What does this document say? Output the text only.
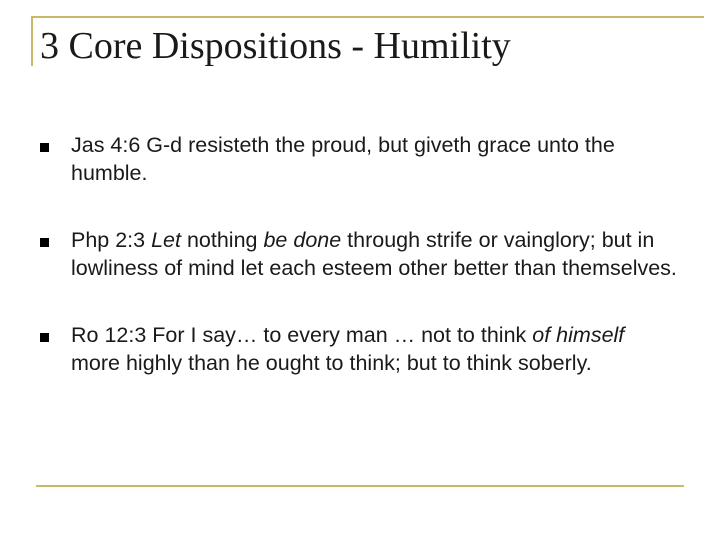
3 Core Dispositions - Humility
Jas 4:6 G-d resisteth the proud, but giveth grace unto the humble.
Php 2:3 Let nothing be done through strife or vainglory; but in lowliness of mind let each esteem other better than themselves.
Ro 12:3 For I say… to every man … not to think of himself more highly than he ought to think; but to think soberly.
